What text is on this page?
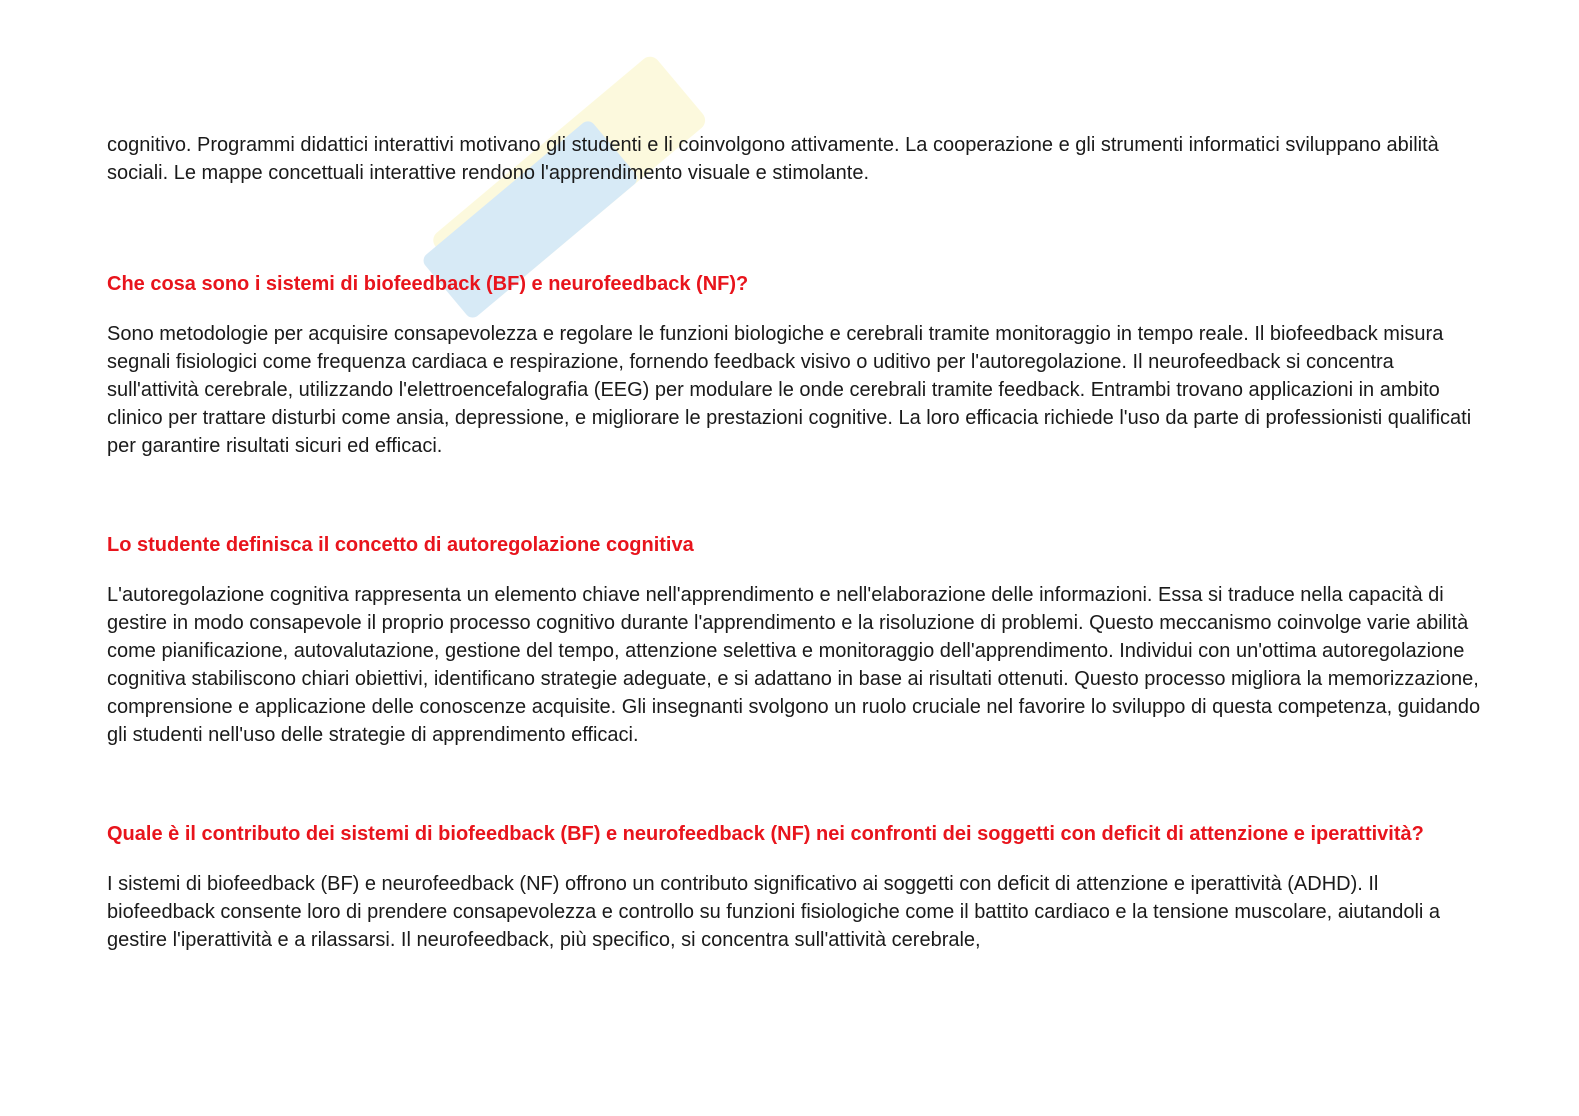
cognitivo. Programmi didattici interattivi motivano gli studenti e li coinvolgono attivamente. La cooperazione e gli strumenti informatici sviluppano abilità sociali. Le mappe concettuali interattive rendono l'apprendimento visuale e stimolante.

Che cosa sono i sistemi di biofeedback (BF) e neurofeedback (NF)?

Sono metodologie per acquisire consapevolezza e regolare le funzioni biologiche e cerebrali tramite monitoraggio in tempo reale. Il biofeedback misura segnali fisiologici come frequenza cardiaca e respirazione, fornendo feedback visivo o uditivo per l'autoregolazione. Il neurofeedback si concentra sull'attività cerebrale, utilizzando l'elettroencefalografia (EEG) per modulare le onde cerebrali tramite feedback. Entrambi trovano applicazioni in ambito clinico per trattare disturbi come ansia, depressione, e migliorare le prestazioni cognitive. La loro efficacia richiede l'uso da parte di professionisti qualificati per garantire risultati sicuri ed efficaci.

Lo studente definisca il concetto di autoregolazione cognitiva

L'autoregolazione cognitiva rappresenta un elemento chiave nell'apprendimento e nell'elaborazione delle informazioni. Essa si traduce nella capacità di gestire in modo consapevole il proprio processo cognitivo durante l'apprendimento e la risoluzione di problemi. Questo meccanismo coinvolge varie abilità come pianificazione, autovalutazione, gestione del tempo, attenzione selettiva e monitoraggio dell'apprendimento. Individui con un'ottima autoregolazione cognitiva stabiliscono chiari obiettivi, identificano strategie adeguate, e si adattano in base ai risultati ottenuti. Questo processo migliora la memorizzazione, comprensione e applicazione delle conoscenze acquisite. Gli insegnanti svolgono un ruolo cruciale nel favorire lo sviluppo di questa competenza, guidando gli studenti nell'uso delle strategie di apprendimento efficaci.

Quale è il contributo dei sistemi di biofeedback (BF) e neurofeedback (NF) nei confronti dei soggetti con deficit di attenzione e iperattività?

I sistemi di biofeedback (BF) e neurofeedback (NF) offrono un contributo significativo ai soggetti con deficit di attenzione e iperattività (ADHD). Il biofeedback consente loro di prendere consapevolezza e controllo su funzioni fisiologiche come il battito cardiaco e la tensione muscolare, aiutandoli a gestire l'iperattività e a rilassarsi. Il neurofeedback, più specifico, si concentra sull'attività cerebrale,
